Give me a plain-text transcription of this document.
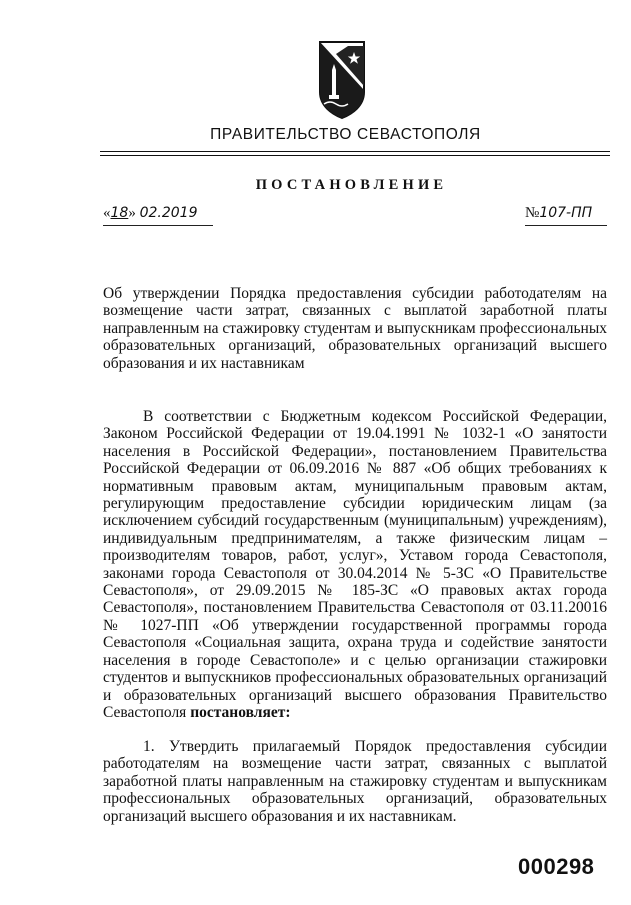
ПРАВИТЕЛЬСТВО СЕВАСТОПОЛЯ
ПОСТАНОВЛЕНИЕ
«18» 02.2019	№107-ПП
Об утверждении Порядка предоставления субсидии работодателям на возмещение части затрат, связанных с выплатой заработной платы направленным на стажировку студентам и выпускникам профессиональных образовательных организаций, образовательных организаций высшего образования и их наставникам
В соответствии с Бюджетным кодексом Российской Федерации, Законом Российской Федерации от 19.04.1991 № 1032-1 «О занятости населения в Российской Федерации», постановлением Правительства Российской Федерации от 06.09.2016 № 887 «Об общих требованиях к нормативным правовым актам, муниципальным правовым актам, регулирующим предоставление субсидии юридическим лицам (за исключением субсидий государственным (муниципальным) учреждениям), индивидуальным предпринимателям, а также физическим лицам – производителям товаров, работ, услуг», Уставом города Севастополя, законами города Севастополя от 30.04.2014 № 5-ЗС «О Правительстве Севастополя», от 29.09.2015 № 185-ЗС «О правовых актах города Севастополя», постановлением Правительства Севастополя от 03.11.20016 № 1027-ПП «Об утверждении государственной программы города Севастополя «Социальная защита, охрана труда и содействие занятости населения в городе Севастополе» и с целью организации стажировки студентов и выпускников профессиональных образовательных организаций и образовательных организаций высшего образования Правительство Севастополя постановляет:
1. Утвердить прилагаемый Порядок предоставления субсидии работодателям на возмещение части затрат, связанных с выплатой заработной платы направленным на стажировку студентам и выпускникам профессиональных образовательных организаций, образовательных организаций высшего образования и их наставникам.
000298
